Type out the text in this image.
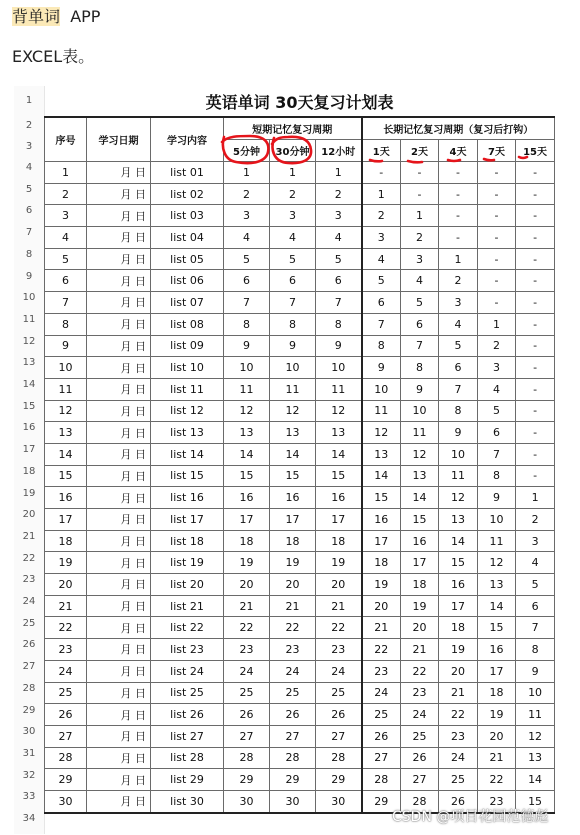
背单词 APP
EXCEL表。
1
2
3
4
5
6
7
8
9
10
11
12
13
14
15
16
17
18
19
20
21
22
23
24
25
26
27
28
29
30
31
32
33
34
英语单词 30天复习计划表										
序号	学习日期	学习内容	短期记忆复习周期			长期记忆复习周期（复习后打钩）				
			5分钟	30分钟	12小时	1天	2天	4天	7天	15天
1	月 日	list 01	1	1	1	-	-	-	-	-
2	月 日	list 02	2	2	2	1	-	-	-	-
3	月 日	list 03	3	3	3	2	1	-	-	-
4	月 日	list 04	4	4	4	3	2	-	-	-
5	月 日	list 05	5	5	5	4	3	1	-	-
6	月 日	list 06	6	6	6	5	4	2	-	-
7	月 日	list 07	7	7	7	6	5	3	-	-
8	月 日	list 08	8	8	8	7	6	4	1	-
9	月 日	list 09	9	9	9	8	7	5	2	-
10	月 日	list 10	10	10	10	9	8	6	3	-
11	月 日	list 11	11	11	11	10	9	7	4	-
12	月 日	list 12	12	12	12	11	10	8	5	-
13	月 日	list 13	13	13	13	12	11	9	6	-
14	月 日	list 14	14	14	14	13	12	10	7	-
15	月 日	list 15	15	15	15	14	13	11	8	-
16	月 日	list 16	16	16	16	15	14	12	9	1
17	月 日	list 17	17	17	17	16	15	13	10	2
18	月 日	list 18	18	18	18	17	16	14	11	3
19	月 日	list 19	19	19	19	18	17	15	12	4
20	月 日	list 20	20	20	20	19	18	16	13	5
21	月 日	list 21	21	21	21	20	19	17	14	6
22	月 日	list 22	22	22	22	21	20	18	15	7
23	月 日	list 23	23	23	23	22	21	19	16	8
24	月 日	list 24	24	24	24	23	22	20	17	9
25	月 日	list 25	25	25	25	24	23	21	18	10
26	月 日	list 26	26	26	26	25	24	22	19	11
27	月 日	list 27	27	27	27	26	25	23	20	12
28	月 日	list 28	28	28	28	27	26	24	21	13
29	月 日	list 29	29	29	29	28	27	25	22	14
30	月 日	list 30	30	30	30	29	28	26	23	15
CSDN @项目花园范德彪
